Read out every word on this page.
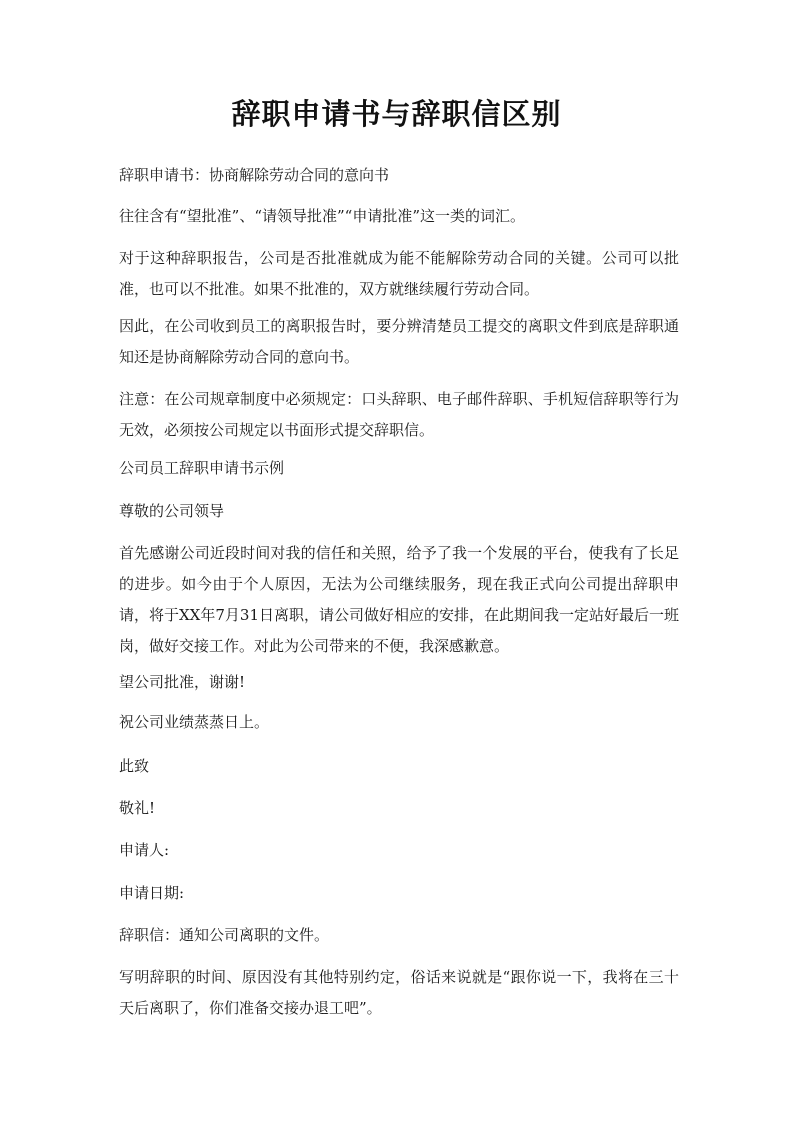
辞职申请书与辞职信区别

辞职申请书：协商解除劳动合同的意向书

往往含有“望批准”、“请领导批准”“申请批准”这一类的词汇。

对于这种辞职报告，公司是否批准就成为能不能解除劳动合同的关键。公司可以批准，也可以不批准。如果不批准的，双方就继续履行劳动合同。

因此，在公司收到员工的离职报告时，要分辨清楚员工提交的离职文件到底是辞职通知还是协商解除劳动合同的意向书。

注意：在公司规章制度中必须规定：口头辞职、电子邮件辞职、手机短信辞职等行为无效，必须按公司规定以书面形式提交辞职信。

公司员工辞职申请书示例

尊敬的公司领导

首先感谢公司近段时间对我的信任和关照，给予了我一个发展的平台，使我有了长足的进步。如今由于个人原因，无法为公司继续服务，现在我正式向公司提出辞职申请，将于XX年7月31日离职，请公司做好相应的安排，在此期间我一定站好最后一班岗，做好交接工作。对此为公司带来的不便，我深感歉意。

望公司批准，谢谢!

祝公司业绩蒸蒸日上。

此致

敬礼!

申请人:

申请日期:

辞职信：通知公司离职的文件。

写明辞职的时间、原因没有其他特别约定，俗话来说就是“跟你说一下，我将在三十天后离职了，你们准备交接办退工吧”。
